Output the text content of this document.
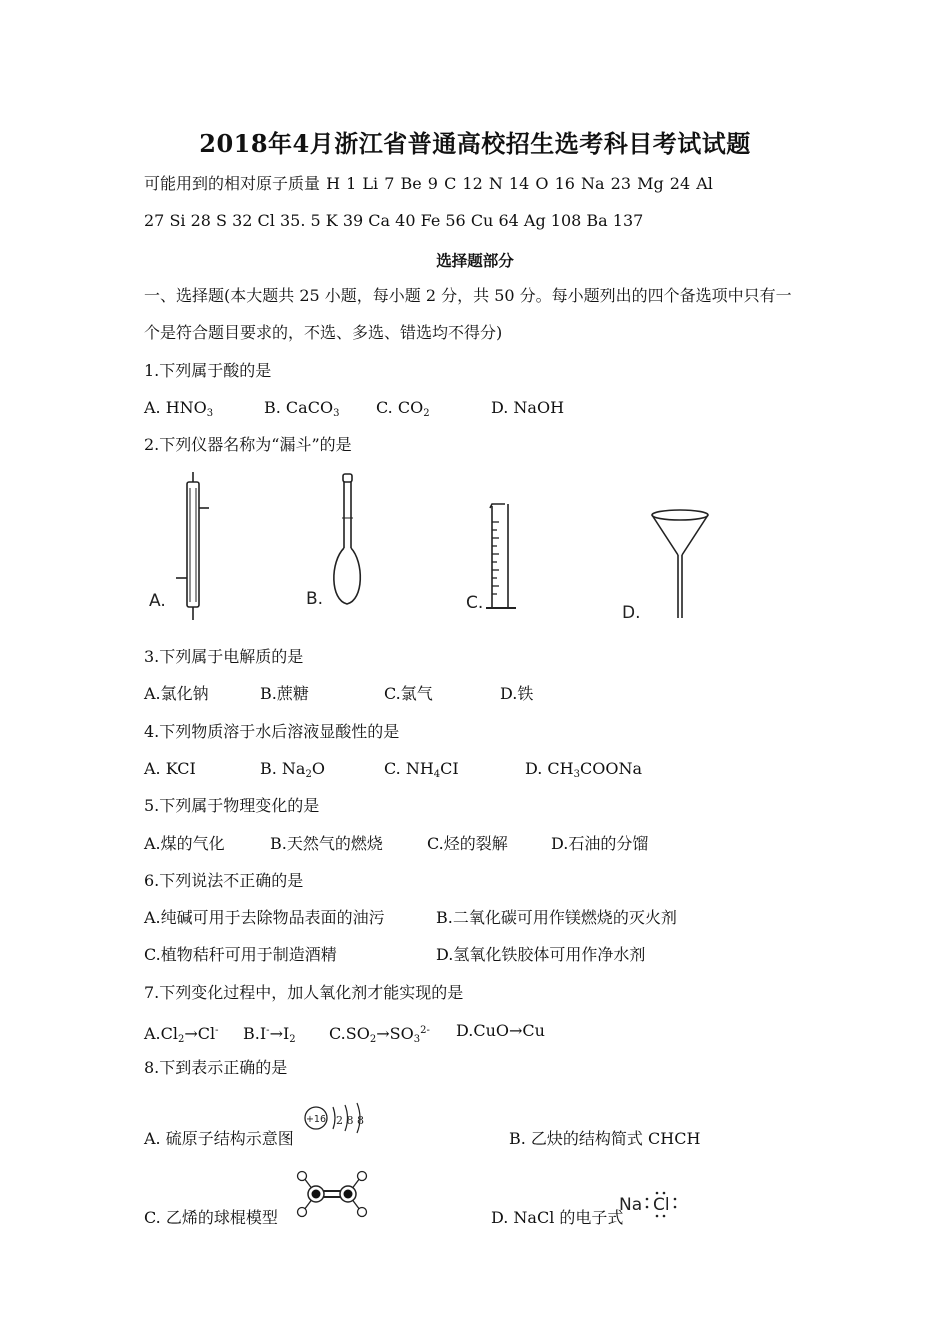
2018年4月浙江省普通高校招生选考科目考试试题
可能用到的相对原子质量 H 1 Li 7 Be 9 C 12 N 14 O 16 Na 23 Mg 24 Al
27 Si 28 S 32 Cl 35. 5 K 39 Ca 40 Fe 56 Cu 64 Ag 108 Ba 137
选择题部分
一、选择题(本大题共 25 小题，每小题 2 分，共 50 分。每小题列出的四个备选项中只有一
个是符合题目要求的，不选、多选、错选均不得分)
1.下列属于酸的是
A. $HNO_3$	B. CaCO$_3$ C. $CO_2$	D. NaOH
2.下列仪器名称为“漏斗”的是
A.	B.	C.	D.
3.下列属于电解质的是
A.氯化钠	B.蔗糖	C.氯气	D.铁
4.下列物质溶于水后溶液显酸性的是
A. KCI	B. $Na_2O$	C. $NH_4CI$	D. $CH_3COONa$
5.下列属于物理变化的是
A.煤的气化	B.天然气的燃烧	C.烃的裂解	D.石油的分馏
6.下列说法不正确的是
A.纯碱可用于去除物品表面的油污	B.二氧化碳可用作镁燃烧的灭火剂
C.植物秸秆可用于制造酒精	D.氢氧化铁胶体可用作净水剂
7.下列变化过程中，加人氧化剂才能实现的是
$A.Cl_2\to Cl^-$ $B.I^-\to I_2$ $C.SO_2\to SO_3^{2-}$ D.CuO→Cu
8.下到表示正确的是
A. 硫原子结构示意图
+16 2 8 8
B. 乙炔的结构简式 CHCH
C. 乙烯的球棍模型	D. NaCl 的电子式
Na Cl
